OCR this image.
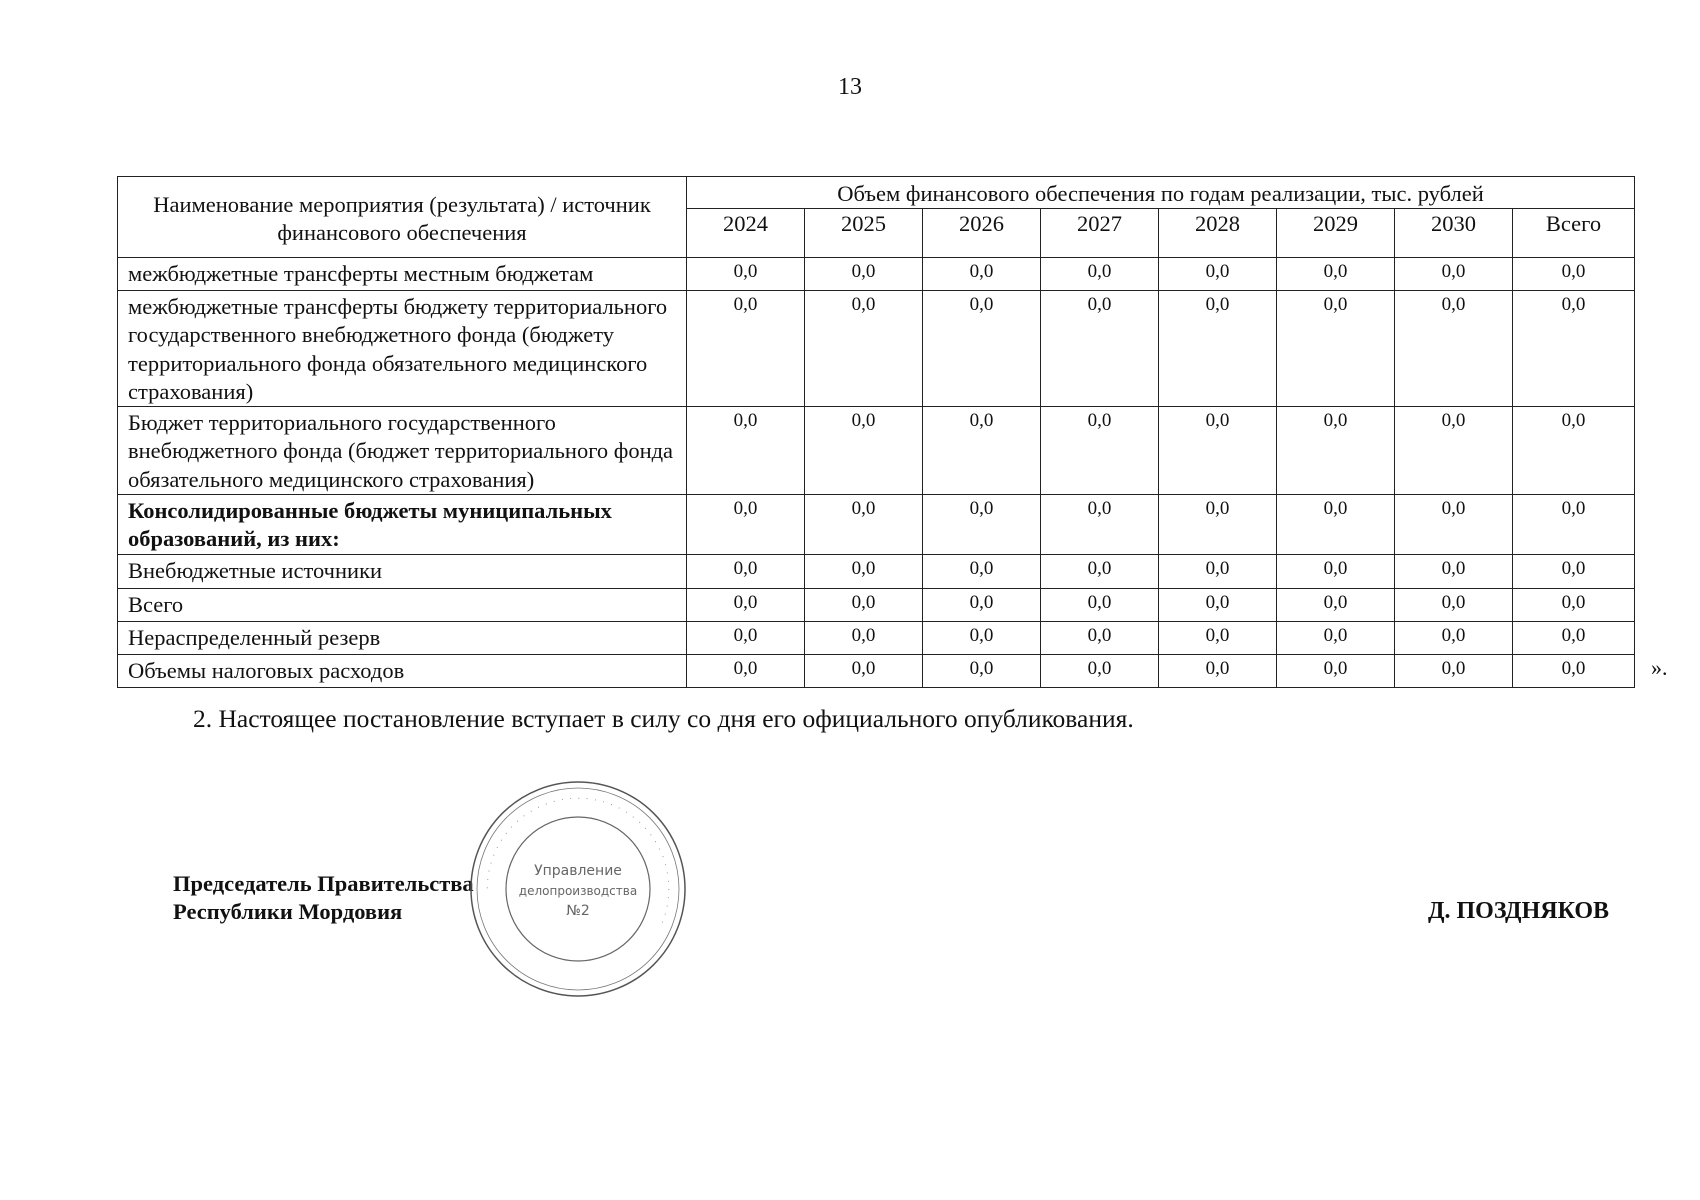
13
Наименование мероприятия (результата) / источник финансового обеспечения	Объем финансового обеспечения по годам реализации, тыс. рублей							
	2024	2025	2026	2027	2028	2029	2030	Всего
межбюджетные трансферты местным бюджетам	0,0	0,0	0,0	0,0	0,0	0,0	0,0	0,0
межбюджетные трансферты бюджету территориального государственного внебюджетного фонда (бюджету территориального фонда обязательного медицинского страхования)	0,0	0,0	0,0	0,0	0,0	0,0	0,0	0,0
Бюджет территориального государственного внебюджетного фонда (бюджет территориального фонда обязательного медицинского страхования)	0,0	0,0	0,0	0,0	0,0	0,0	0,0	0,0
Консолидированные бюджеты муниципальных образований, из них:	0,0	0,0	0,0	0,0	0,0	0,0	0,0	0,0
Внебюджетные источники	0,0	0,0	0,0	0,0	0,0	0,0	0,0	0,0
Всего	0,0	0,0	0,0	0,0	0,0	0,0	0,0	0,0
Нераспределенный резерв	0,0	0,0	0,0	0,0	0,0	0,0	0,0	0,0
Объемы налоговых расходов	0,0	0,0	0,0	0,0	0,0	0,0	0,0	0,0	».
2. Настоящее постановление вступает в силу со дня его официального опубликования.
Председатель Правительства
Республики Мордовия
· · · · · · · · · · · · · · · · · · · · · · · · · · · · · · · · · · · · · · ·
Управление
делопроизводства
№2	Д. ПОЗДНЯКОВ
